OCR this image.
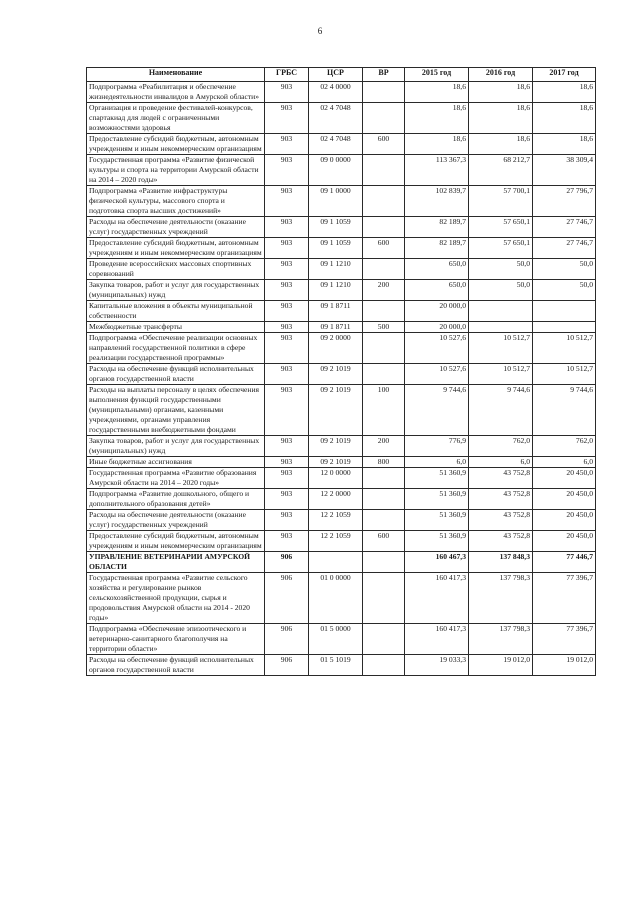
6
Наименование	ГРБС	ЦСР	ВР	2015 год	2016 год	2017 год
Подпрограмма «Реабилитация и обеспечение жизнедеятельности инвалидов в Амурской области»	903	02 4 0000		18,6	18,6	18,6
Организация и проведение фестивалей-конкурсов, спартакиад для людей с ограниченными возможностями здоровья	903	02 4 7048		18,6	18,6	18,6
Предоставление субсидий бюджетным, автономным учреждениям и иным некоммерческим организациям	903	02 4 7048	600	18,6	18,6	18,6
Государственная программа «Развитие физической культуры и спорта на территории Амурской области на 2014 – 2020 годы»	903	09 0 0000		113 367,3	68 212,7	38 309,4
Подпрограмма «Развитие инфраструктуры физической культуры, массового спорта и подготовка спорта высших достижений»	903	09 1 0000		102 839,7	57 700,1	27 796,7
Расходы на обеспечение деятельности (оказание услуг) государственных учреждений	903	09 1 1059		82 189,7	57 650,1	27 746,7
Предоставление субсидий бюджетным, автономным учреждениям и иным некоммерческим организациям	903	09 1 1059	600	82 189,7	57 650,1	27 746,7
Проведение всероссийских массовых спортивных соревнований	903	09 1 1210		650,0	50,0	50,0
Закупка товаров, работ и услуг для государственных (муниципальных) нужд	903	09 1 1210	200	650,0	50,0	50,0
Капитальные вложения в объекты муниципальной собственности	903	09 1 8711		20 000,0		
Межбюджетные трансферты	903	09 1 8711	500	20 000,0		
Подпрограмма «Обеспечение реализации основных направлений государственной политики в сфере реализации государственной программы»	903	09 2 0000		10 527,6	10 512,7	10 512,7
Расходы на обеспечение функций исполнительных органов государственной власти	903	09 2 1019		10 527,6	10 512,7	10 512,7
Расходы на выплаты персоналу в целях обеспечения выполнения функций государственными (муниципальными) органами, казенными учреждениями, органами управления государственными внебюджетными фондами	903	09 2 1019	100	9 744,6	9 744,6	9 744,6
Закупка товаров, работ и услуг для государственных (муниципальных) нужд	903	09 2 1019	200	776,9	762,0	762,0
Иные бюджетные ассигнования	903	09 2 1019	800	6,0	6,0	6,0
Государственная программа «Развитие образования Амурской области на 2014 – 2020 годы»	903	12 0 0000		51 360,9	43 752,8	20 450,0
Подпрограмма «Развитие дошкольного, общего и дополнительного образования детей»	903	12 2 0000		51 360,9	43 752,8	20 450,0
Расходы на обеспечение деятельности (оказание услуг) государственных учреждений	903	12 2 1059		51 360,9	43 752,8	20 450,0
Предоставление субсидий бюджетным, автономным учреждениям и иным некоммерческим организациям	903	12 2 1059	600	51 360,9	43 752,8	20 450,0
УПРАВЛЕНИЕ ВЕТЕРИНАРИИ АМУРСКОЙ ОБЛАСТИ	906			160 467,3	137 848,3	77 446,7
Государственная программа «Развитие сельского хозяйства и регулирование рынков сельскохозяйственной продукции, сырья и продовольствия Амурской области на 2014 - 2020 годы»	906	01 0 0000		160 417,3	137 798,3	77 396,7
Подпрограмма «Обеспечение эпизоотического и ветеринарно-санитарного благополучия на территории области»	906	01 5 0000		160 417,3	137 798,3	77 396,7
Расходы на обеспечение функций исполнительных органов государственной власти	906	01 5 1019		19 033,3	19 012,0	19 012,0
